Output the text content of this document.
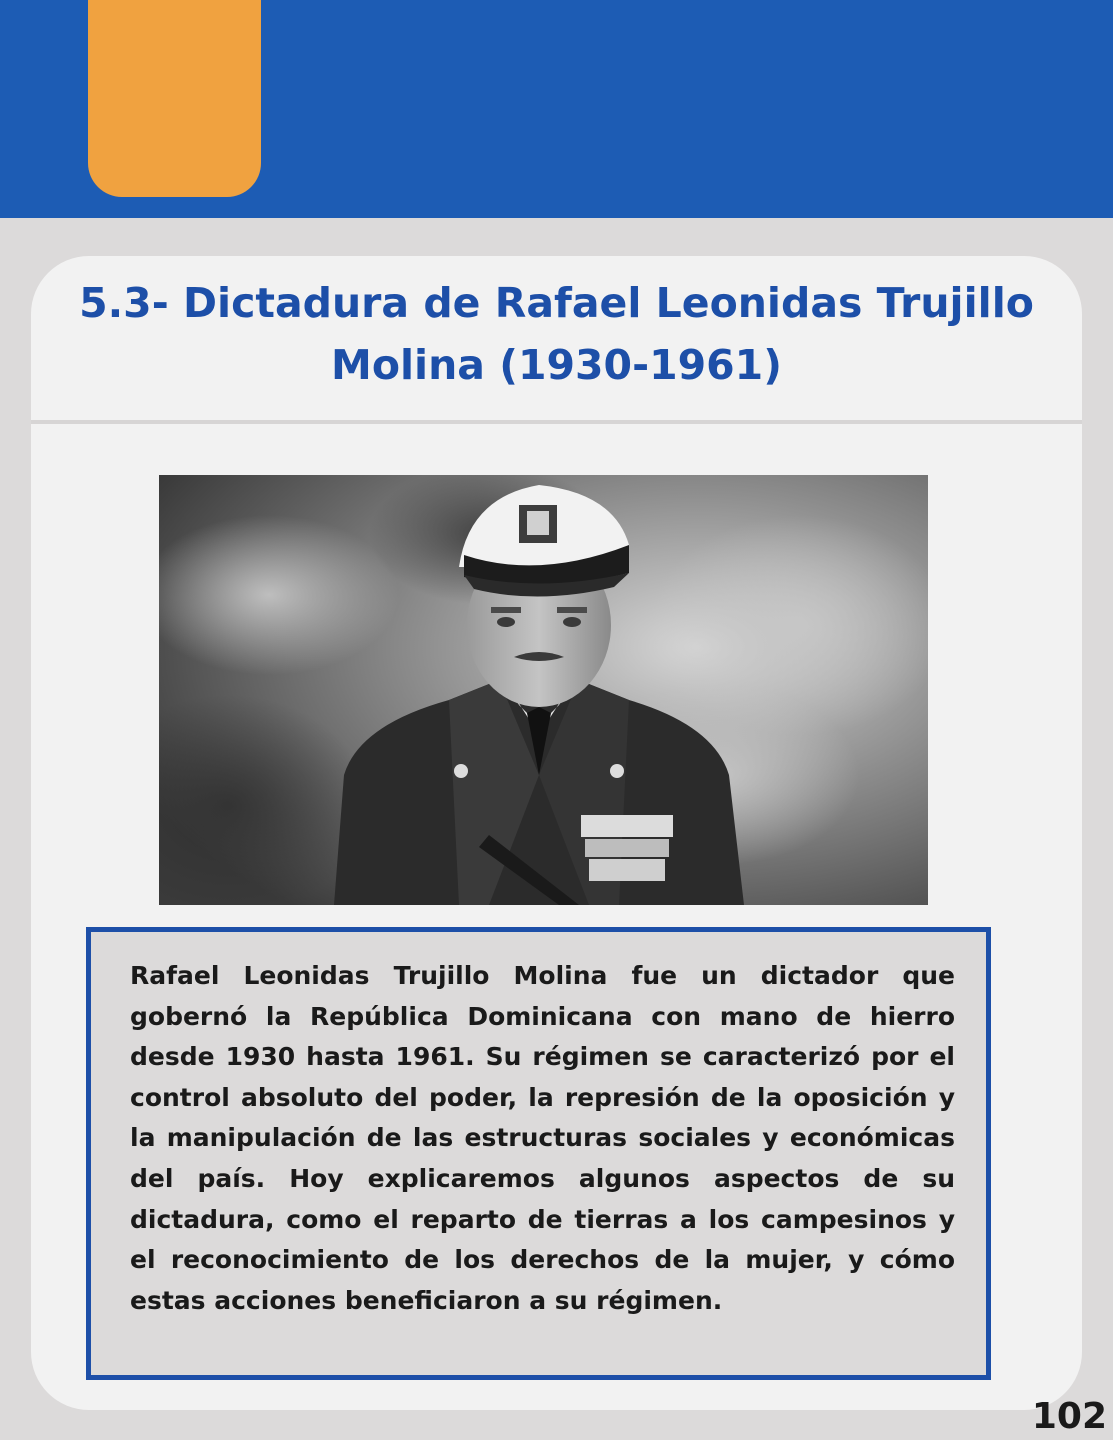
5.3- Dictadura de Rafael Leonidas Trujillo
Molina (1930-1961)

Rafael Leonidas Trujillo Molina fue un dictador que gobernó la República Dominicana con mano de hierro desde 1930 hasta 1961. Su régimen se caracterizó por el control absoluto del poder, la represión de la oposición y la manipulación de las estructuras sociales y económicas del país. Hoy explicaremos algunos aspectos de su dictadura, como el reparto de tierras a los campesinos y el reconocimiento de los derechos de la mujer, y cómo estas acciones beneficiaron a su régimen.

102
